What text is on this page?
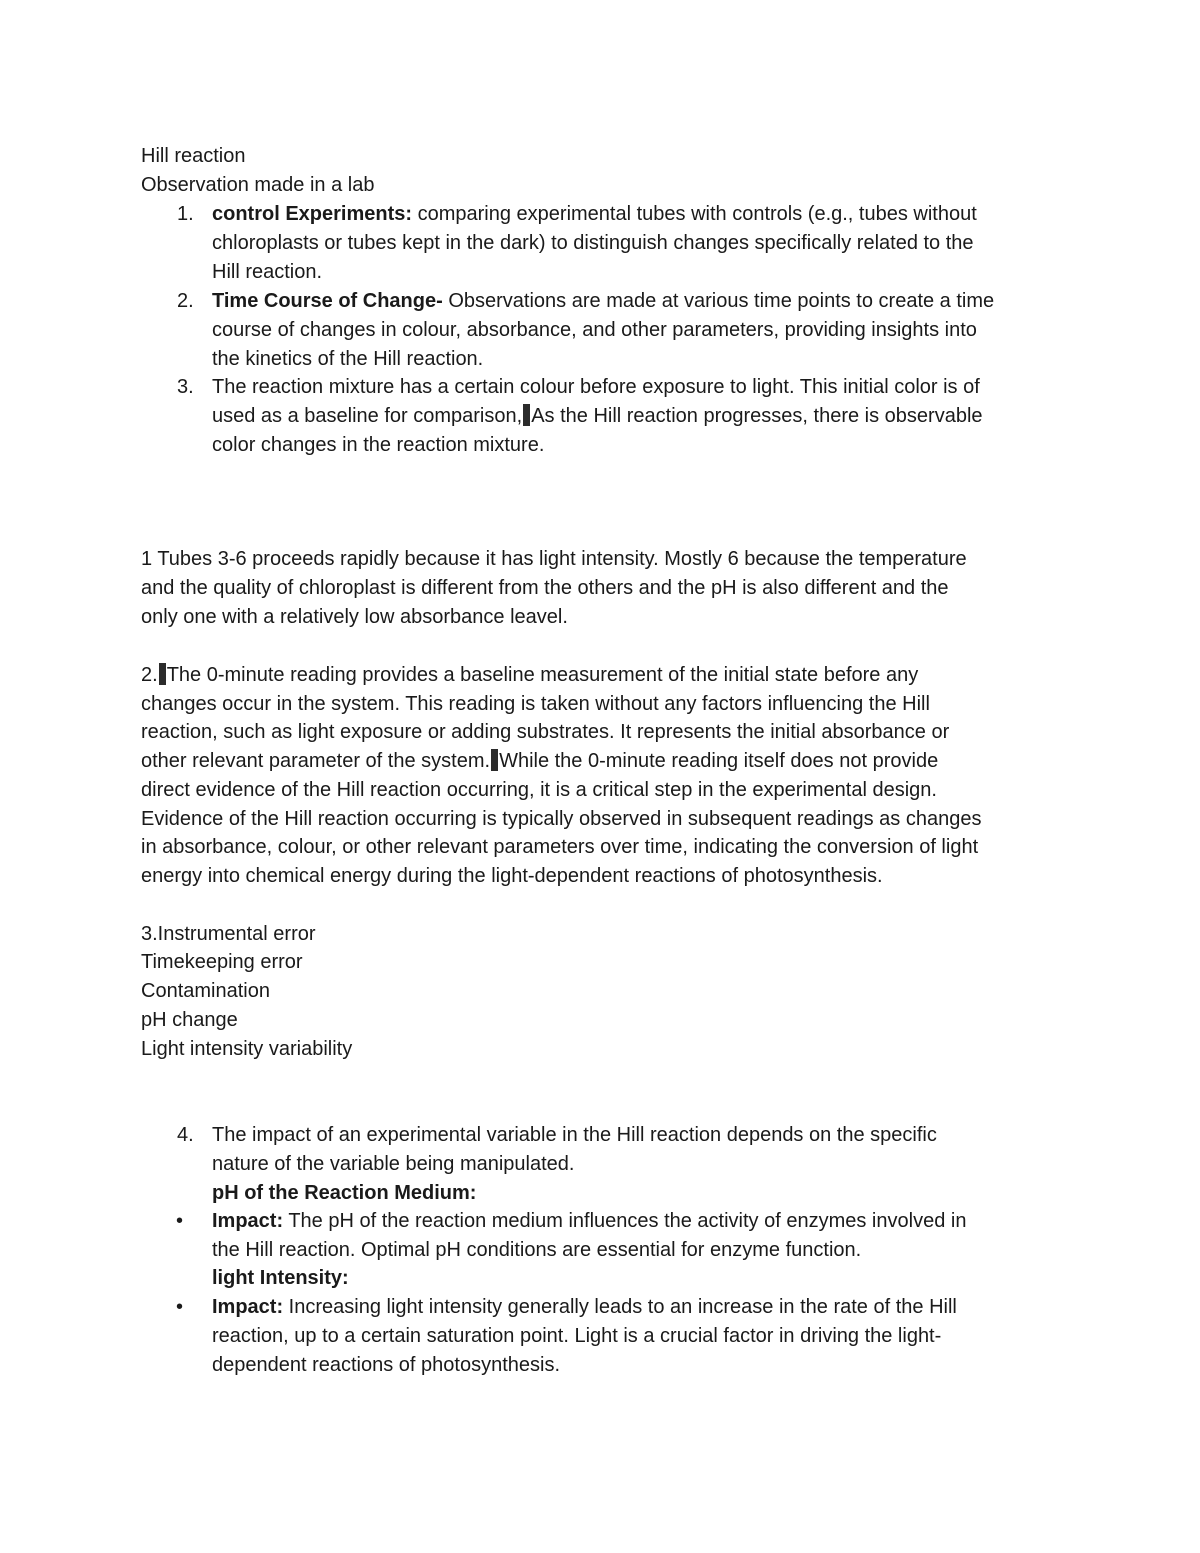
Hill reaction
Observation made in a lab
1. control Experiments: comparing experimental tubes with controls (e.g., tubes without
chloroplasts or tubes kept in the dark) to distinguish changes specifically related to the
Hill reaction.
2. Time Course of Change- Observations are made at various time points to create a time
course of changes in colour, absorbance, and other parameters, providing insights into
the kinetics of the Hill reaction.
3. The reaction mixture has a certain colour before exposure to light. This initial color is of
used as a baseline for comparison, As the Hill reaction progresses, there is observable
color changes in the reaction mixture.
1 Tubes 3-6 proceeds rapidly because it has light intensity. Mostly 6 because the temperature
and the quality of chloroplast is different from the others and the pH is also different and the
only one with a relatively low absorbance leavel.
2. The 0-minute reading provides a baseline measurement of the initial state before any
changes occur in the system. This reading is taken without any factors influencing the Hill
reaction, such as light exposure or adding substrates. It represents the initial absorbance or
other relevant parameter of the system. While the 0-minute reading itself does not provide
direct evidence of the Hill reaction occurring, it is a critical step in the experimental design.
Evidence of the Hill reaction occurring is typically observed in subsequent readings as changes
in absorbance, colour, or other relevant parameters over time, indicating the conversion of light
energy into chemical energy during the light-dependent reactions of photosynthesis.
3.Instrumental error
Timekeeping error
Contamination
pH change
Light intensity variability
4. The impact of an experimental variable in the Hill reaction depends on the specific
nature of the variable being manipulated.
pH of the Reaction Medium:
• Impact: The pH of the reaction medium influences the activity of enzymes involved in
the Hill reaction. Optimal pH conditions are essential for enzyme function.
light Intensity:
• Impact: Increasing light intensity generally leads to an increase in the rate of the Hill
reaction, up to a certain saturation point. Light is a crucial factor in driving the light-
dependent reactions of photosynthesis.
